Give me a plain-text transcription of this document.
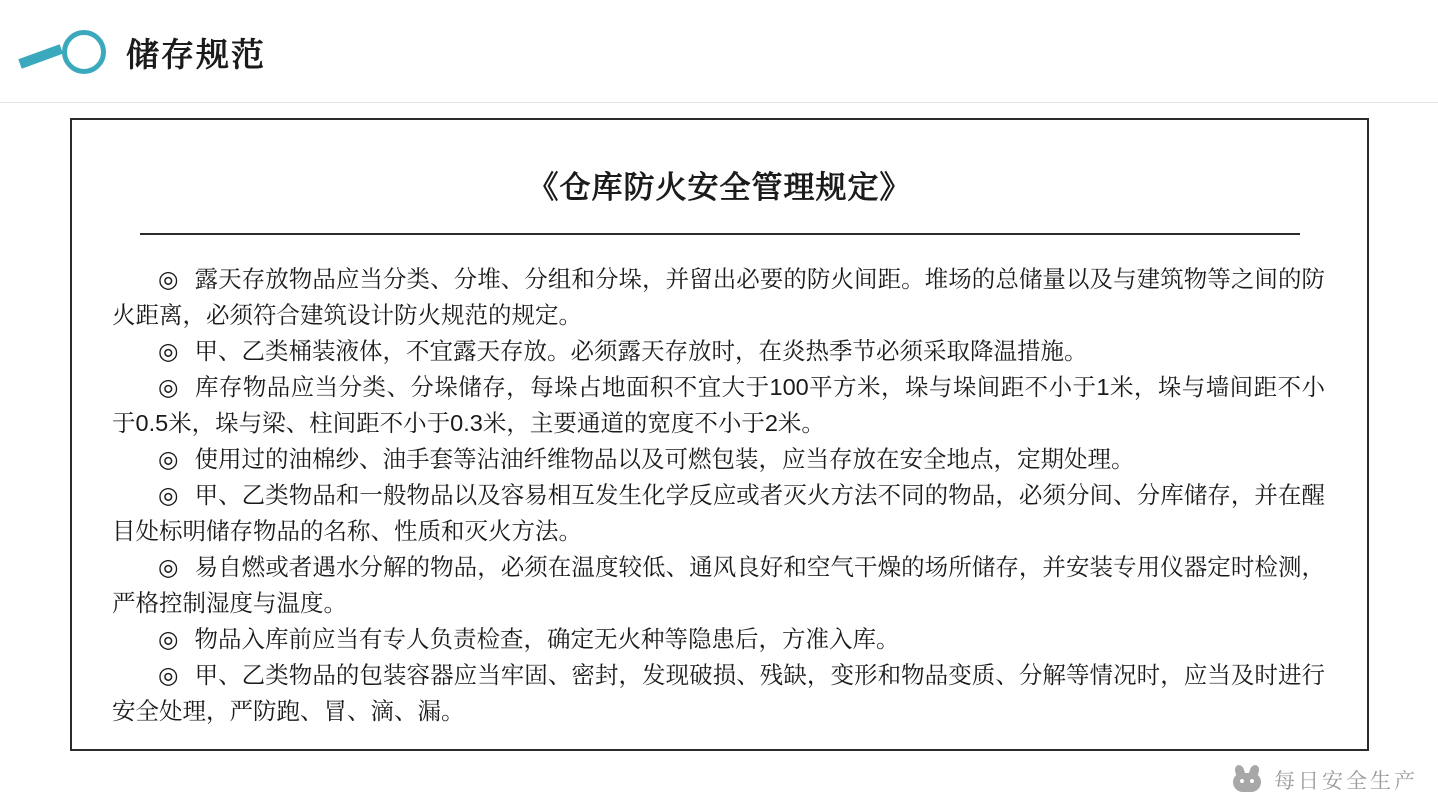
储存规范
《仓库防火安全管理规定》

◎ 露天存放物品应当分类、分堆、分组和分垛，并留出必要的防火间距。堆场的总储量以及与建筑物等之间的防火距离，必须符合建筑设计防火规范的规定。

◎ 甲、乙类桶装液体，不宜露天存放。必须露天存放时，在炎热季节必须采取降温措施。

◎ 库存物品应当分类、分垛储存，每垛占地面积不宜大于100平方米，垛与垛间距不小于1米，垛与墙间距不小于0.5米，垛与梁、柱间距不小于0.3米，主要通道的宽度不小于2米。

◎ 使用过的油棉纱、油手套等沾油纤维物品以及可燃包装，应当存放在安全地点，定期处理。

◎ 甲、乙类物品和一般物品以及容易相互发生化学反应或者灭火方法不同的物品，必须分间、分库储存，并在醒目处标明储存物品的名称、性质和灭火方法。

◎ 易自燃或者遇水分解的物品，必须在温度较低、通风良好和空气干燥的场所储存，并安装专用仪器定时检测，严格控制湿度与温度。

◎ 物品入库前应当有专人负责检查，确定无火种等隐患后，方准入库。

◎ 甲、乙类物品的包装容器应当牢固、密封，发现破损、残缺，变形和物品变质、分解等情况时，应当及时进行安全处理，严防跑、冒、滴、漏。

每日安全生产
